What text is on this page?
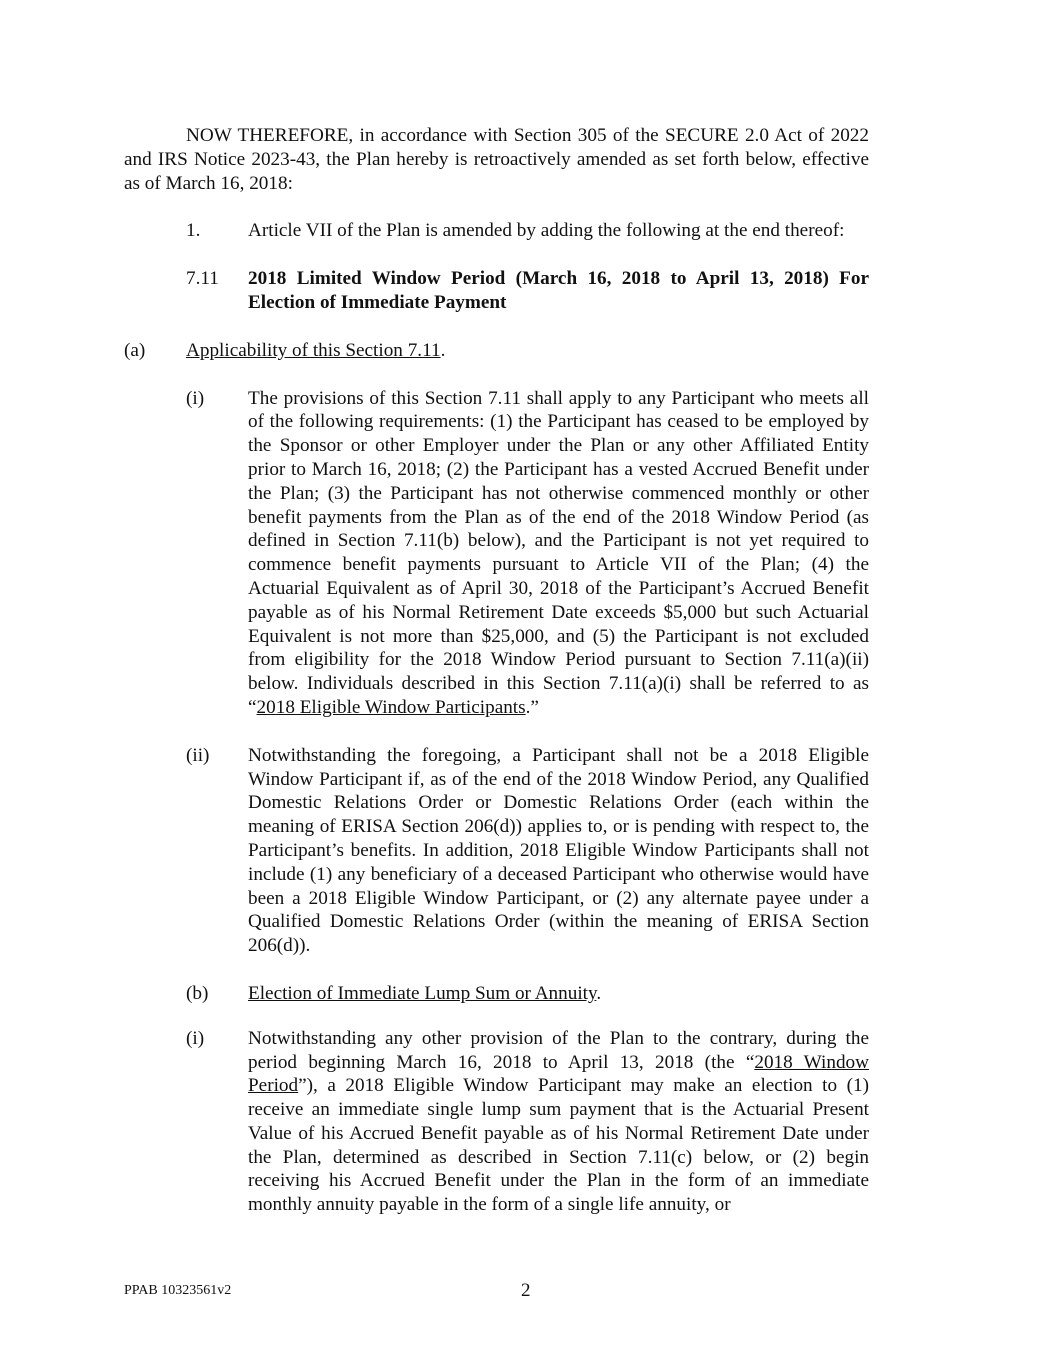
NOW THEREFORE, in accordance with Section 305 of the SECURE 2.0 Act of 2022 and IRS Notice 2023-43, the Plan hereby is retroactively amended as set forth below, effective as of March 16, 2018:

1. Article VII of the Plan is amended by adding the following at the end thereof:
7.11 2018 Limited Window Period (March 16, 2018 to April 13, 2018) For Election of Immediate Payment
(a) Applicability of this Section 7.11.
(i) The provisions of this Section 7.11 shall apply to any Participant who meets all of the following requirements: (1) the Participant has ceased to be employed by the Sponsor or other Employer under the Plan or any other Affiliated Entity prior to March 16, 2018; (2) the Participant has a vested Accrued Benefit under the Plan; (3) the Participant has not otherwise commenced monthly or other benefit payments from the Plan as of the end of the 2018 Window Period (as defined in Section 7.11(b) below), and the Participant is not yet required to commence benefit payments pursuant to Article VII of the Plan; (4) the Actuarial Equivalent as of April 30, 2018 of the Participant’s Accrued Benefit payable as of his Normal Retirement Date exceeds $5,000 but such Actuarial Equivalent is not more than $25,000, and (5) the Participant is not excluded from eligibility for the 2018 Window Period pursuant to Section 7.11(a)(ii) below. Individuals described in this Section 7.11(a)(i) shall be referred to as “2018 Eligible Window Participants.”
(ii) Notwithstanding the foregoing, a Participant shall not be a 2018 Eligible Window Participant if, as of the end of the 2018 Window Period, any Qualified Domestic Relations Order or Domestic Relations Order (each within the meaning of ERISA Section 206(d)) applies to, or is pending with respect to, the Participant’s benefits. In addition, 2018 Eligible Window Participants shall not include (1) any beneficiary of a deceased Participant who otherwise would have been a 2018 Eligible Window Participant, or (2) any alternate payee under a Qualified Domestic Relations Order (within the meaning of ERISA Section 206(d)).
(b) Election of Immediate Lump Sum or Annuity.
(i) Notwithstanding any other provision of the Plan to the contrary, during the period beginning March 16, 2018 to April 13, 2018 (the “2018 Window Period”), a 2018 Eligible Window Participant may make an election to (1) receive an immediate single lump sum payment that is the Actuarial Present Value of his Accrued Benefit payable as of his Normal Retirement Date under the Plan, determined as described in Section 7.11(c) below, or (2) begin receiving his Accrued Benefit under the Plan in the form of an immediate monthly annuity payable in the form of a single life annuity, or
PPAB 10323561v2	2
